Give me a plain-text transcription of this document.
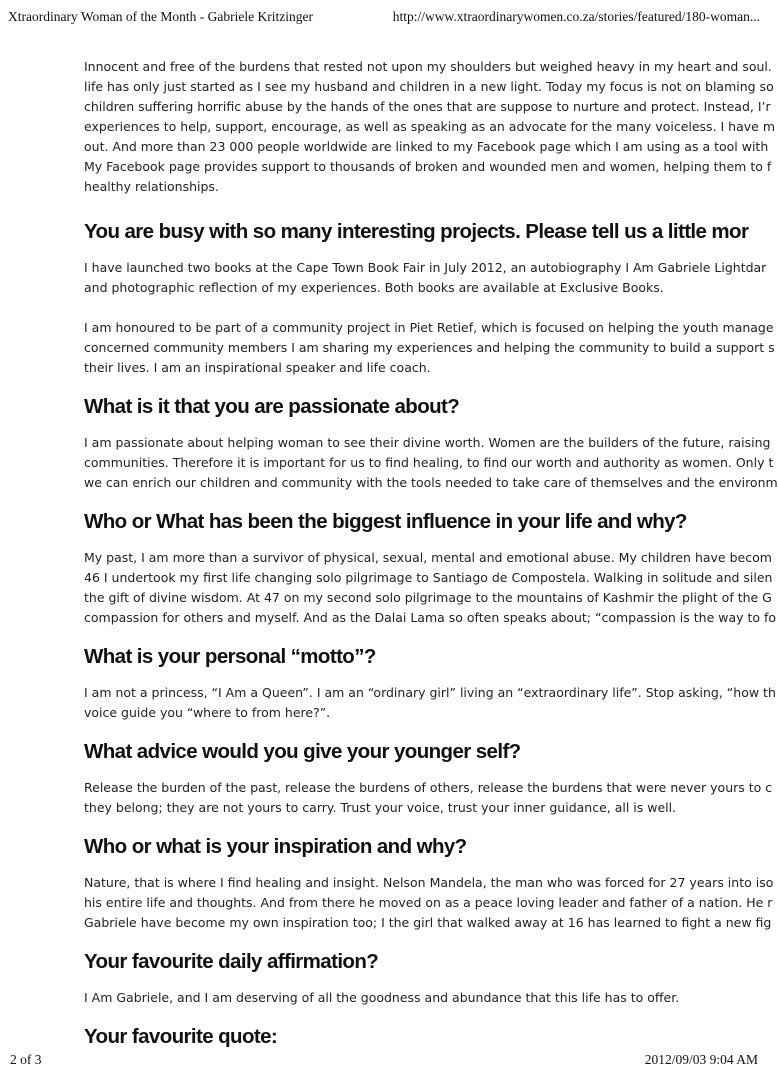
Xtraordinary Woman of the Month - Gabriele Kritzinger	http://www.xtraordinarywomen.co.za/stories/featured/180-woman...

Innocent and free of the burdens that rested not upon my shoulders but weighed heavy in my heart and soul.

life has only just started as I see my husband and children in a new light. Today my focus is not on blaming so

children suffering horrific abuse by the hands of the ones that are suppose to nurture and protect. Instead, I’r

experiences to help, support, encourage, as well as speaking as an advocate for the many voiceless. I have m

out. And more than 23 000 people worldwide are linked to my Facebook page which I am using as a tool with

My Facebook page provides support to thousands of broken and wounded men and women, helping them to f

healthy relationships.

You are busy with so many interesting projects. Please tell us a little mor

I have launched two books at the Cape Town Book Fair in July 2012, an autobiography I Am Gabriele Lightdar

and photographic reflection of my experiences. Both books are available at Exclusive Books.

I am honoured to be part of a community project in Piet Retief, which is focused on helping the youth manage

concerned community members I am sharing my experiences and helping the community to build a support s

their lives. I am an inspirational speaker and life coach.

What is it that you are passionate about?

I am passionate about helping woman to see their divine worth. Women are the builders of the future, raising

communities. Therefore it is important for us to find healing, to find our worth and authority as women. Only t

we can enrich our children and community with the tools needed to take care of themselves and the environm

Who or What has been the biggest influence in your life and why?

My past, I am more than a survivor of physical, sexual, mental and emotional abuse. My children have becom

46 I undertook my first life changing solo pilgrimage to Santiago de Compostela. Walking in solitude and silen

the gift of divine wisdom. At 47 on my second solo pilgrimage to the mountains of Kashmir the plight of the G

compassion for others and myself. And as the Dalai Lama so often speaks about; “compassion is the way to fo

What is your personal “motto”?

I am not a princess, “I Am a Queen”. I am an “ordinary girl” living an “extraordinary life”. Stop asking, “how th

voice guide you “where to from here?”.

What advice would you give your younger self?

Release the burden of the past, release the burdens of others, release the burdens that were never yours to c

they belong; they are not yours to carry. Trust your voice, trust your inner guidance, all is well.

Who or what is your inspiration and why?

Nature, that is where I find healing and insight. Nelson Mandela, the man who was forced for 27 years into iso

his entire life and thoughts. And from there he moved on as a peace loving leader and father of a nation. He r

Gabriele have become my own inspiration too; I the girl that walked away at 16 has learned to fight a new fig

Your favourite daily affirmation?

I Am Gabriele, and I am deserving of all the goodness and abundance that this life has to offer.

Your favourite quote:
2 of 3	2012/09/03 9:04 AM
